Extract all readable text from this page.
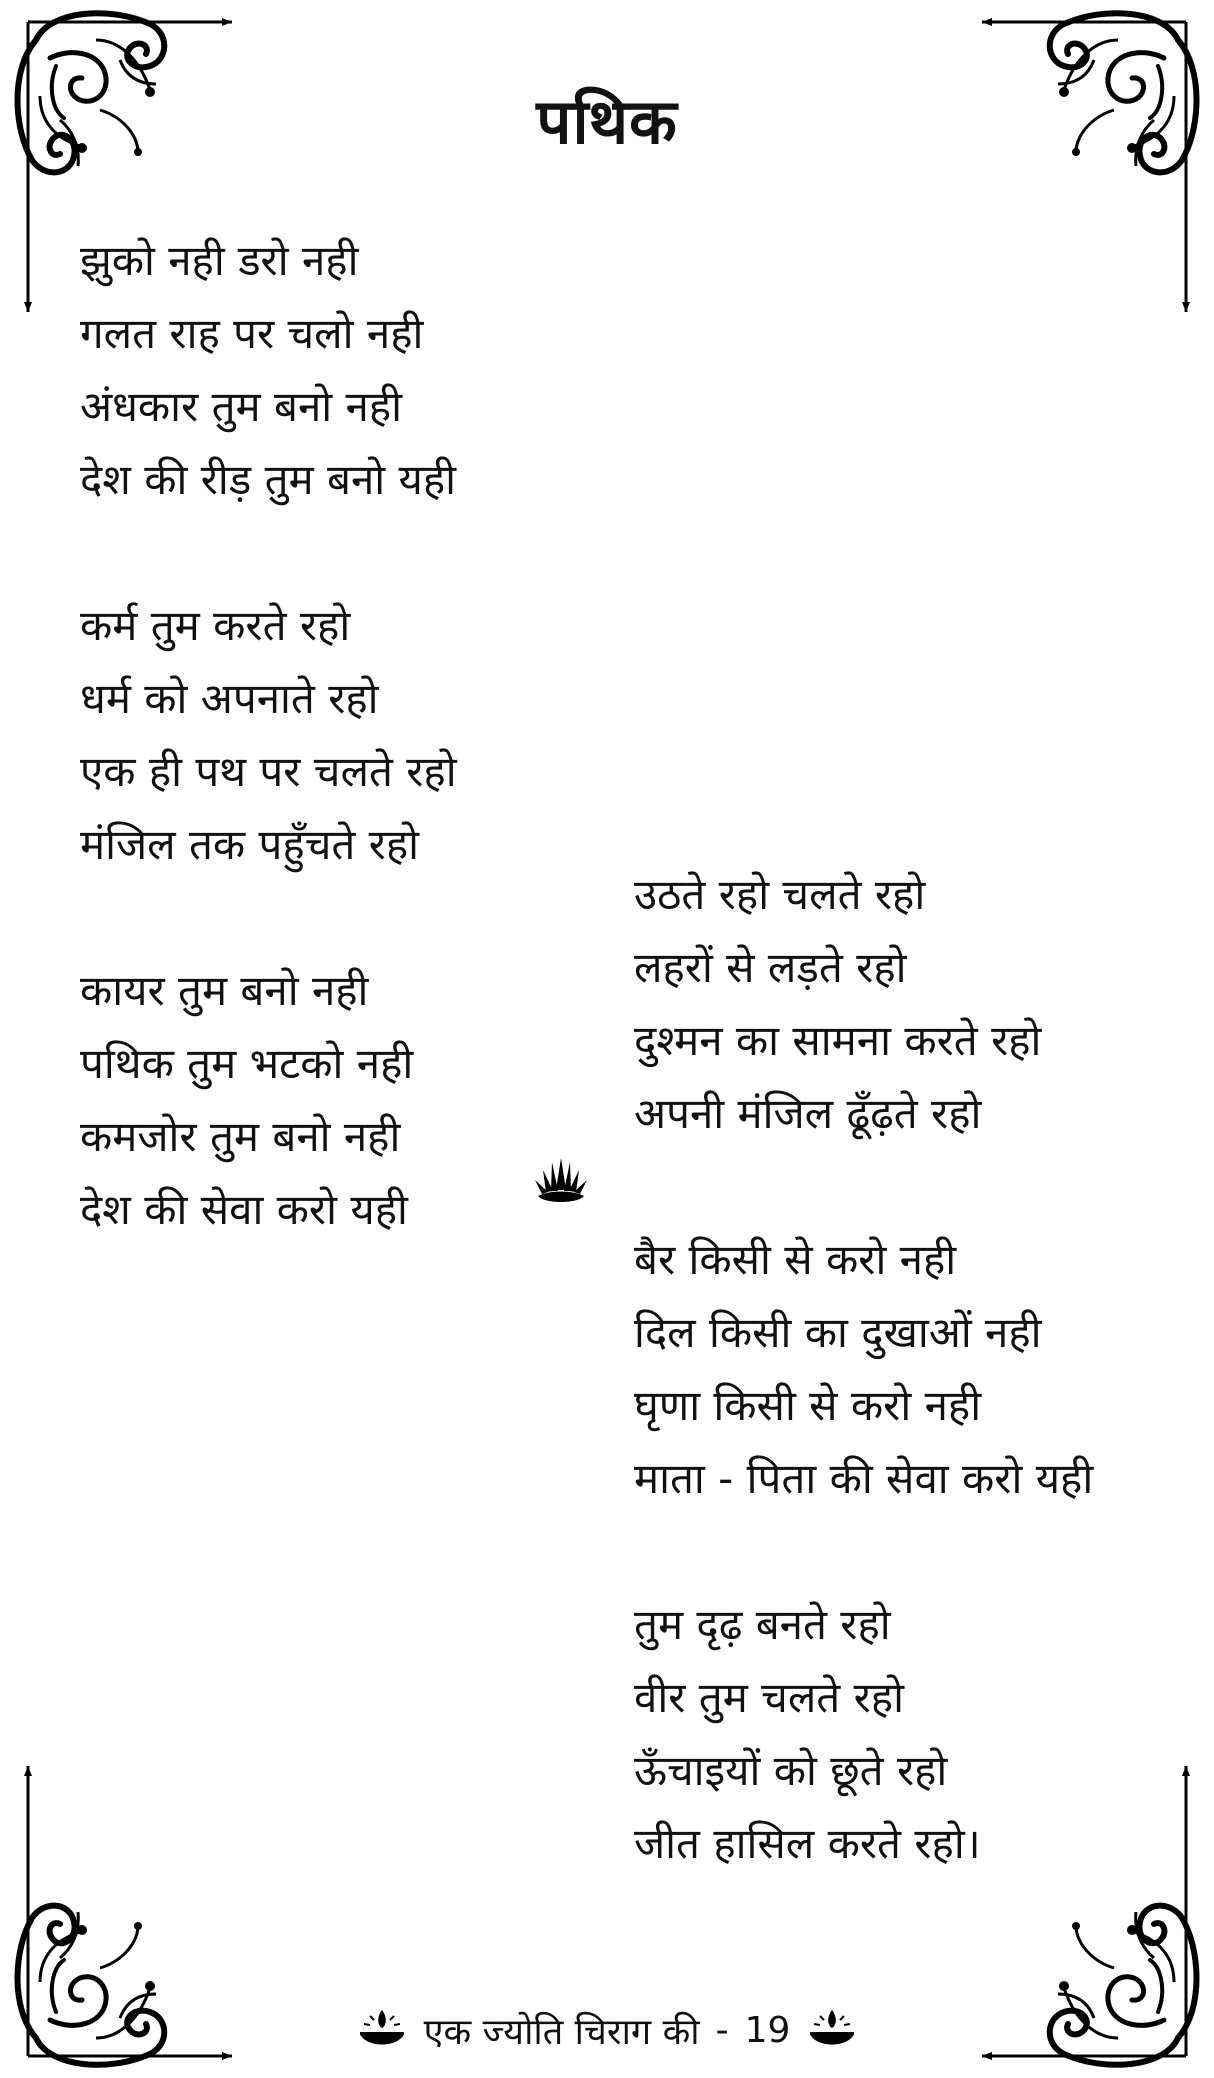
पथिक
झुको नही डरो नही
गलत राह पर चलो नही
अंधकार तुम बनो नही
देश की रीड़ तुम बनो यही
कर्म तुम करते रहो
धर्म को अपनाते रहो
एक ही पथ पर चलते रहो
मंजिल तक पहुँचते रहो
कायर तुम बनो नही
पथिक तुम भटको नही
कमजोर तुम बनो नही
देश की सेवा करो यही
उठते रहो चलते रहो
लहरों से लड़ते रहो
दुश्मन का सामना करते रहो
अपनी मंजिल ढूँढ़ते रहो
बैर किसी से करो नही
दिल किसी का दुखाओं नही
घृणा किसी से करो नही
माता - पिता की सेवा करो यही
तुम दृढ़ बनते रहो
वीर तुम चलते रहो
ऊँचाइयों को छूते रहो
जीत हासिल करते रहो।
एक ज्योति चिराग की - 19
